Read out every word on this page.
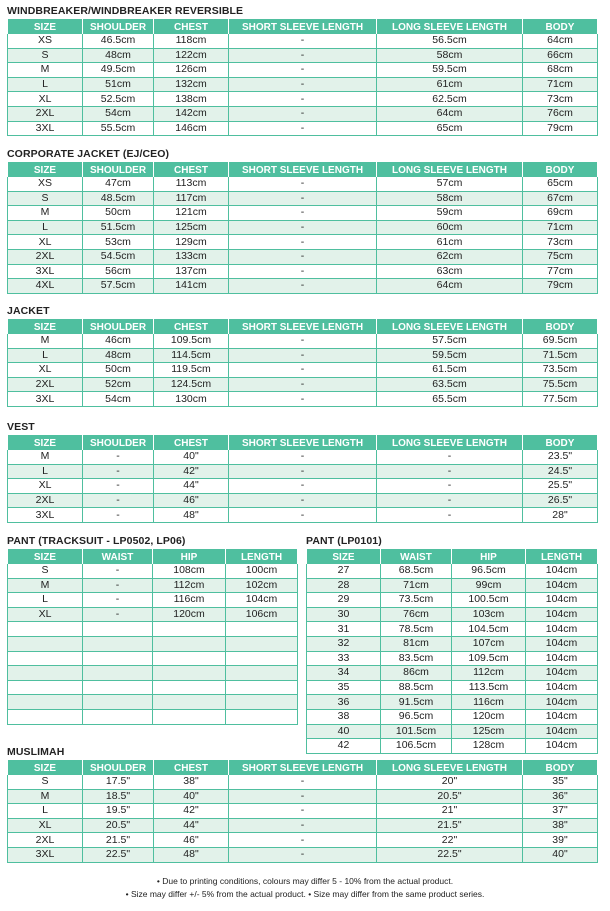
WINDBREAKER/WINDBREAKER REVERSIBLE
SIZE	SHOULDER	CHEST	SHORT SLEEVE LENGTH	LONG SLEEVE LENGTH	BODY
XS	46.5cm	118cm	-	56.5cm	64cm
S	48cm	122cm	-	58cm	66cm
M	49.5cm	126cm	-	59.5cm	68cm
L	51cm	132cm	-	61cm	71cm
XL	52.5cm	138cm	-	62.5cm	73cm
2XL	54cm	142cm	-	64cm	76cm
3XL	55.5cm	146cm	-	65cm	79cm
CORPORATE JACKET (EJ/CEO)
SIZE	SHOULDER	CHEST	SHORT SLEEVE LENGTH	LONG SLEEVE LENGTH	BODY
XS	47cm	113cm	-	57cm	65cm
S	48.5cm	117cm	-	58cm	67cm
M	50cm	121cm	-	59cm	69cm
L	51.5cm	125cm	-	60cm	71cm
XL	53cm	129cm	-	61cm	73cm
2XL	54.5cm	133cm	-	62cm	75cm
3XL	56cm	137cm	-	63cm	77cm
4XL	57.5cm	141cm	-	64cm	79cm
JACKET
SIZE	SHOULDER	CHEST	SHORT SLEEVE LENGTH	LONG SLEEVE LENGTH	BODY
M	46cm	109.5cm	-	57.5cm	69.5cm
L	48cm	114.5cm	-	59.5cm	71.5cm
XL	50cm	119.5cm	-	61.5cm	73.5cm
2XL	52cm	124.5cm	-	63.5cm	75.5cm
3XL	54cm	130cm	-	65.5cm	77.5cm
VEST
SIZE	SHOULDER	CHEST	SHORT SLEEVE LENGTH	LONG SLEEVE LENGTH	BODY
M	-	40"	-	-	23.5"
L	-	42"	-	-	24.5"
XL	-	44"	-	-	25.5"
2XL	-	46"	-	-	26.5"
3XL	-	48"	-	-	28"
PANT (TRACKSUIT - LP0502, LP06)
SIZE	WAIST	HIP	LENGTH
S	-	108cm	100cm
M	-	112cm	102cm
L	-	116cm	104cm
XL	-	120cm	106cm

PANT (LP0101)
SIZE	WAIST	HIP	LENGTH
27	68.5cm	96.5cm	104cm
28	71cm	99cm	104cm
29	73.5cm	100.5cm	104cm
30	76cm	103cm	104cm
31	78.5cm	104.5cm	104cm
32	81cm	107cm	104cm
33	83.5cm	109.5cm	104cm
34	86cm	112cm	104cm
35	88.5cm	113.5cm	104cm
36	91.5cm	116cm	104cm
38	96.5cm	120cm	104cm
40	101.5cm	125cm	104cm
42	106.5cm	128cm	104cm
MUSLIMAH
SIZE	SHOULDER	CHEST	SHORT SLEEVE LENGTH	LONG SLEEVE LENGTH	BODY
S	17.5"	38"	-	20"	35"
M	18.5"	40"	-	20.5"	36"
L	19.5"	42"	-	21"	37"
XL	20.5"	44"	-	21.5"	38"
2XL	21.5"	46"	-	22"	39"
3XL	22.5"	48"	-	22.5"	40"
• Due to printing conditions, colours may differ 5 - 10% from the actual product.
• Size may differ +/- 5% from the actual product. • Size may differ from the same product series.
